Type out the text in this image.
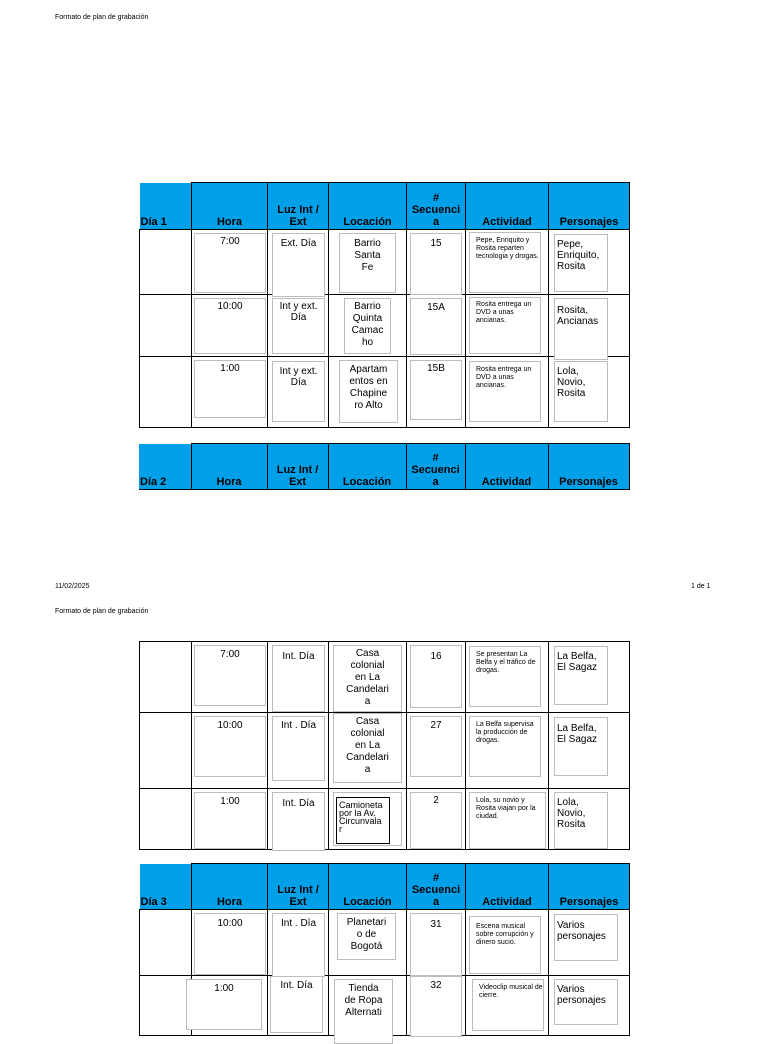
Formato de plan de grabación
Día 1	Hora	Luz Int /
Ext	Locación	#
Secuenci
a	Actividad	Personajes

	7:00	Ext. Día	Barrio
Santa
Fe	15	Pepe, Enriquito y Rosita reparten tecnologia y drogas.	Pepe, Enriquito, Rosita

	10:00	Int y ext. Día	Barrio
Quinta
Camac
ho	15A	Rosita entrega un DVD a unas ancianas.	Rosita, Ancianas

	1:00	Int y ext. Día	Apartam
entos en
Chapine
ro Alto	15B	Rosita entrega un DVD a unas ancianas.	Lola, Novio, Rosita
Día 2	Hora	Luz Int /
Ext	Locación	#
Secuenci
a	Actividad	Personajes
11/02/2025	1 de 1
Formato de plan de grabación

	7:00	Int. Día	Casa
colonial
en La
Candelari
a	16	Se presentan La Belfa y el tráfico de drogas.	La Belfa, El Sagaz

	10:00	Int . Día	Casa
colonial
en La
Candelari
a	27	La Belfa supervisa la producción de drogas.	La Belfa, El Sagaz

	1:00	Int. Día	Camioneta
por la Av.
Circunvala
r	2	Lola, su novio y Rosita viajan por la ciudad.	Lola, Novio, Rosita
Día 3	Hora	Luz Int /
Ext	Locación	#
Secuenci
a	Actividad	Personajes

	10:00	Int . Día	Planetari
o de
Bogotá	31	Escena musical sobre corrupción y dinero sucio.	Varios personajes

	1:00	Int. Día	Tienda
de Ropa
Alternati	32	Videoclip musical de cierre.	Varios personajes
